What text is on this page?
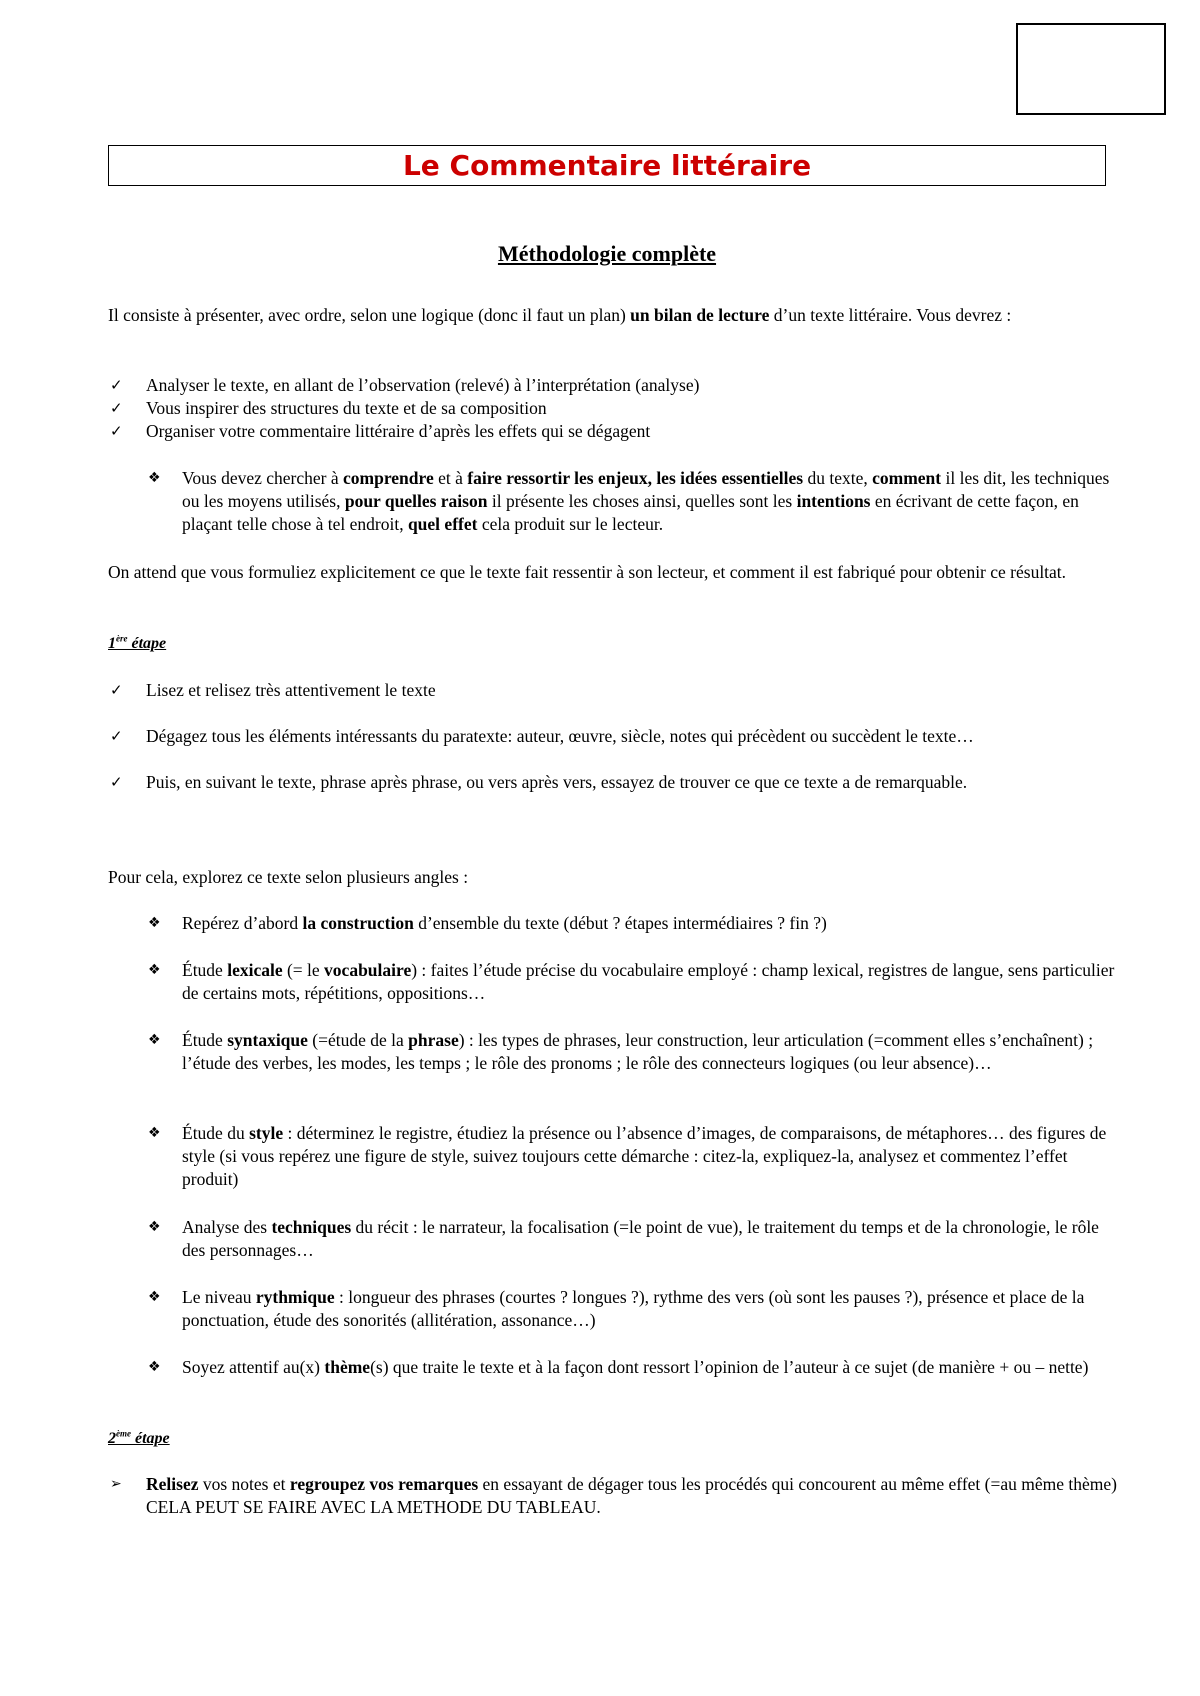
Le Commentaire littéraire
Méthodologie complète
Il consiste à présenter, avec ordre, selon une logique (donc il faut un plan) un bilan de lecture d’un texte littéraire. Vous devrez :
✓	Analyser le texte, en allant de l’observation (relevé) à l’interprétation (analyse)
✓	Vous inspirer des structures du texte et de sa composition
✓	Organiser votre commentaire littéraire d’après les effets qui se dégagent
❖	Vous devez chercher à comprendre et à faire ressortir les enjeux, les idées essentielles du texte, comment il les dit, les techniques ou les moyens utilisés, pour quelles raison il présente les choses ainsi, quelles sont les intentions en écrivant de cette façon, en plaçant telle chose à tel endroit, quel effet cela produit sur le lecteur.
On attend que vous formuliez explicitement ce que le texte fait ressentir à son lecteur, et comment il est fabriqué pour obtenir ce résultat.
1ère étape
✓	Lisez et relisez très attentivement le texte
✓	Dégagez tous les éléments intéressants du paratexte: auteur, œuvre, siècle, notes qui précèdent ou succèdent le texte…
✓	Puis, en suivant le texte, phrase après phrase, ou vers après vers, essayez de trouver ce que ce texte a de remarquable.
Pour cela, explorez ce texte selon plusieurs angles :
❖	Repérez d’abord la construction d’ensemble du texte (début ? étapes intermédiaires ? fin ?)
❖	Étude lexicale (= le vocabulaire) : faites l’étude précise du vocabulaire employé : champ lexical, registres de langue, sens particulier de certains mots, répétitions, oppositions…
❖	Étude syntaxique (=étude de la phrase) : les types de phrases, leur construction, leur articulation (=comment elles s’enchaînent) ; l’étude des verbes, les modes, les temps ; le rôle des pronoms ; le rôle des connecteurs logiques (ou leur absence)…
❖	Étude du style : déterminez le registre, étudiez la présence ou l’absence d’images, de comparaisons, de métaphores… des figures de style (si vous repérez une figure de style, suivez toujours cette démarche : citez-la, expliquez-la, analysez et commentez l’effet produit)
❖	Analyse des techniques du récit : le narrateur, la focalisation (=le point de vue), le traitement du temps et de la chronologie, le rôle des personnages…
❖	Le niveau rythmique : longueur des phrases (courtes ? longues ?), rythme des vers (où sont les pauses ?), présence et place de la ponctuation, étude des sonorités (allitération, assonance…)
❖	Soyez attentif au(x) thème(s) que traite le texte et à la façon dont ressort l’opinion de l’auteur à ce sujet (de manière + ou – nette)
2ème étape
➢	Relisez vos notes et regroupez vos remarques en essayant de dégager tous les procédés qui concourent au même effet (=au même thème) CELA PEUT SE FAIRE AVEC LA METHODE DU TABLEAU.
